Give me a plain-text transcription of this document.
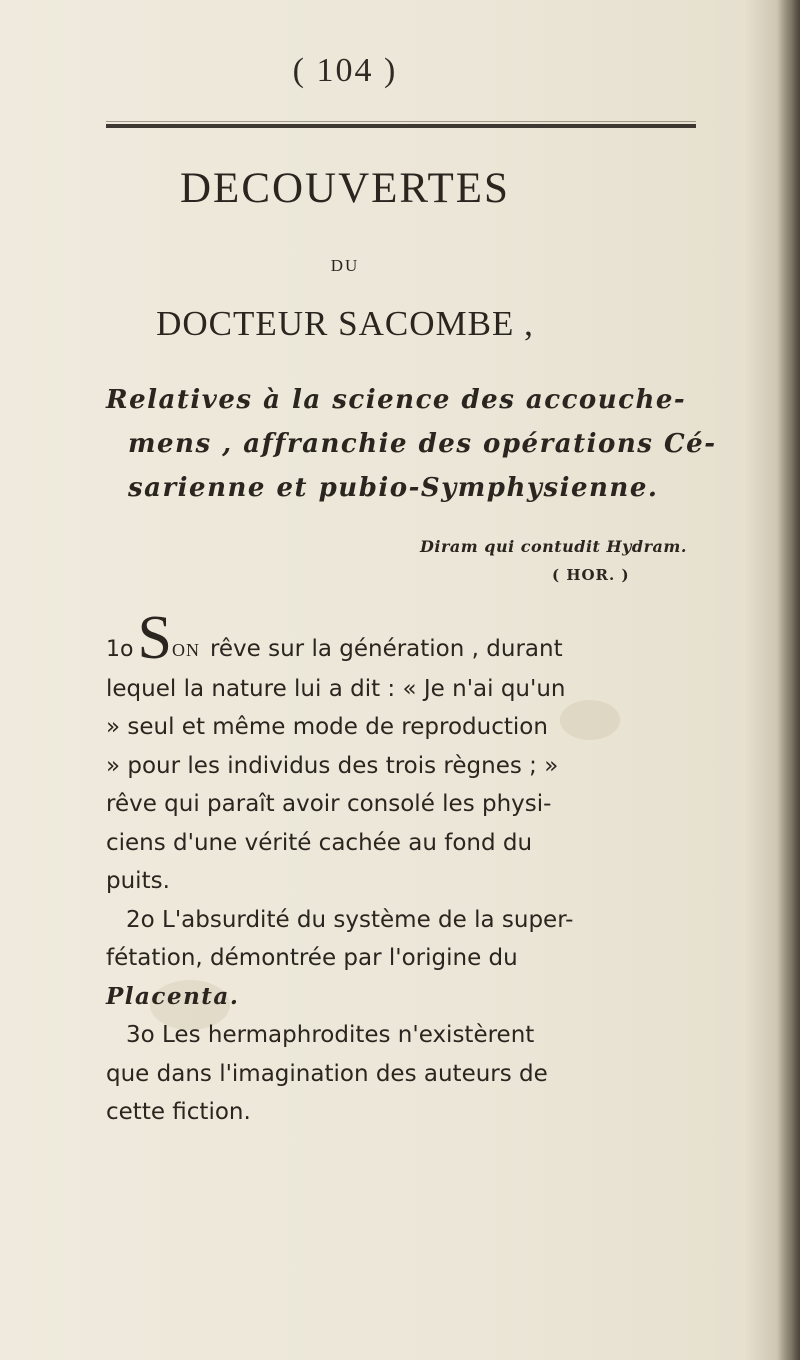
( 104 )
DECOUVERTES
DU
DOCTEUR SACOMBE ,
Relatives à la science des accouche-
mens , affranchie des opérations Cé-
sarienne et pubio-Symphysienne.
Diram qui contudit Hydram.
( HOR. )
1oSON rêve sur la génération , durant
lequel la nature lui a dit : « Je n'ai qu'un
» seul et même mode de reproduction
» pour les individus des trois règnes ; »
rêve qui paraît avoir consolé les physi-
ciens d'une vérité cachée au fond du
puits.
2o L'absurdité du système de la super-
fétation, démontrée par l'origine du
Placenta.
3o Les hermaphrodites n'existèrent
que dans l'imagination des auteurs de
cette fiction.
